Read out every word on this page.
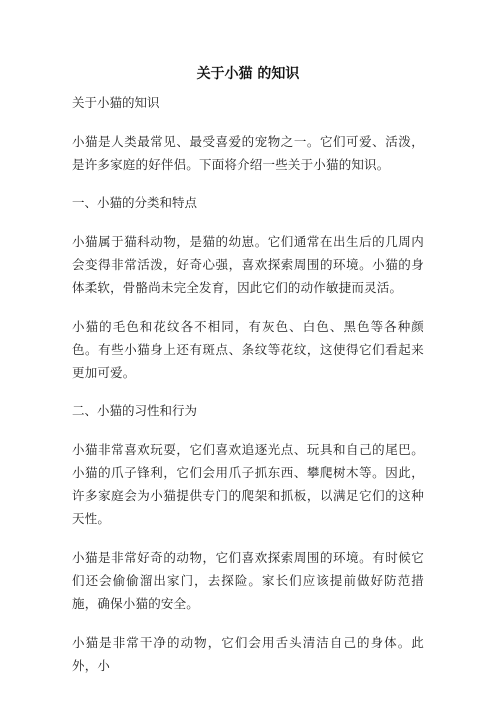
关于小猫 的知识

关于小猫的知识

小猫是人类最常见、最受喜爱的宠物之一。它们可爱、活泼，是许多家庭的好伴侣。下面将介绍一些关于小猫的知识。

一、小猫的分类和特点

小猫属于猫科动物，是猫的幼崽。它们通常在出生后的几周内会变得非常活泼，好奇心强，喜欢探索周围的环境。小猫的身体柔软，骨骼尚未完全发育，因此它们的动作敏捷而灵活。

小猫的毛色和花纹各不相同，有灰色、白色、黑色等各种颜色。有些小猫身上还有斑点、条纹等花纹，这使得它们看起来更加可爱。

二、小猫的习性和行为

小猫非常喜欢玩耍，它们喜欢追逐光点、玩具和自己的尾巴。小猫的爪子锋利，它们会用爪子抓东西、攀爬树木等。因此，许多家庭会为小猫提供专门的爬架和抓板，以满足它们的这种天性。

小猫是非常好奇的动物，它们喜欢探索周围的环境。有时候它们还会偷偷溜出家门，去探险。家长们应该提前做好防范措施，确保小猫的安全。

小猫是非常干净的动物，它们会用舌头清洁自己的身体。此外，小
